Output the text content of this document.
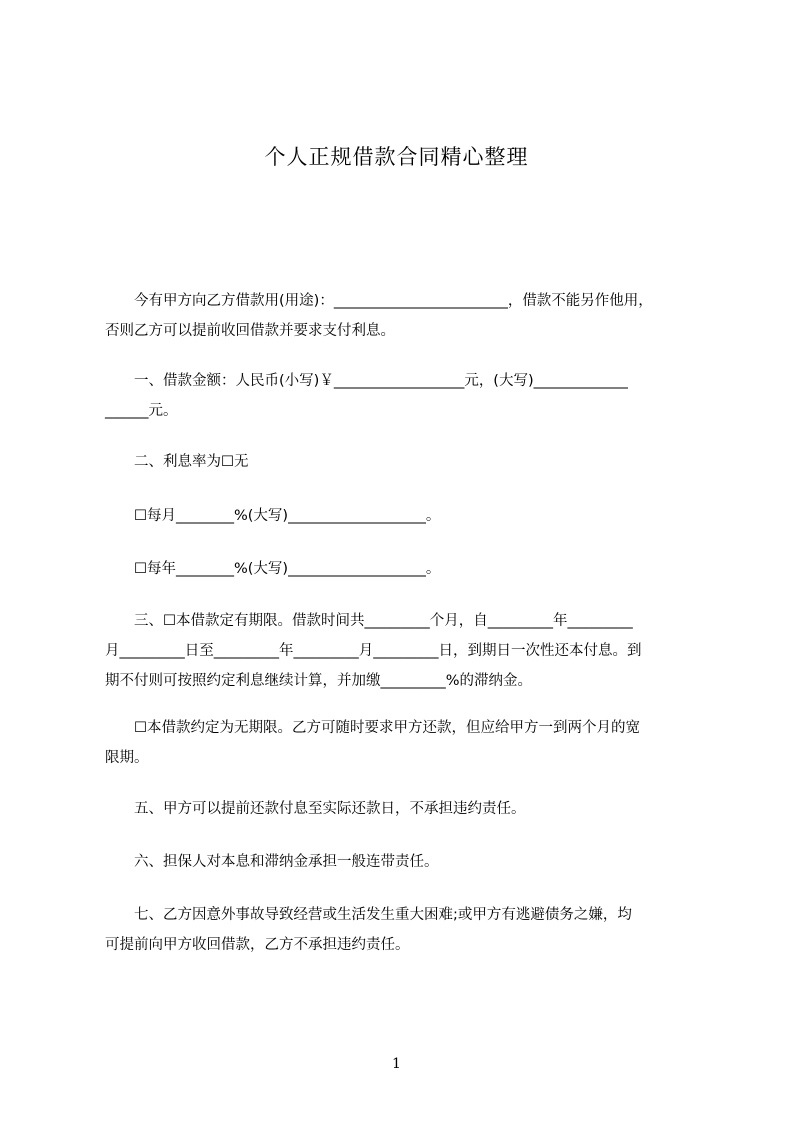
个人正规借款合同精心整理
　　今有甲方向乙方借款用(用途)：________________________，借款不能另作他用，
否则乙方可以提前收回借款并要求支付利息。
　　一、借款金额：人民币(小写)￥__________________元，(大写)_____________
______元。
　　二、利息率为☐无
　　☐每月________%(大写)___________________。
　　☐每年________%(大写)___________________。
　　三、☐本借款定有期限。借款时间共_________个月，自_________年_________
月_________日至_________年_________月_________日，到期日一次性还本付息。到
期不付则可按照约定利息继续计算，并加缴_________%的滞纳金。
　　☐本借款约定为无期限。乙方可随时要求甲方还款，但应给甲方一到两个月的宽
限期。
　　五、甲方可以提前还款付息至实际还款日，不承担违约责任。
　　六、担保人对本息和滞纳金承担一般连带责任。
　　七、乙方因意外事故导致经营或生活发生重大困难;或甲方有逃避债务之嫌，均
可提前向甲方收回借款，乙方不承担违约责任。
1
